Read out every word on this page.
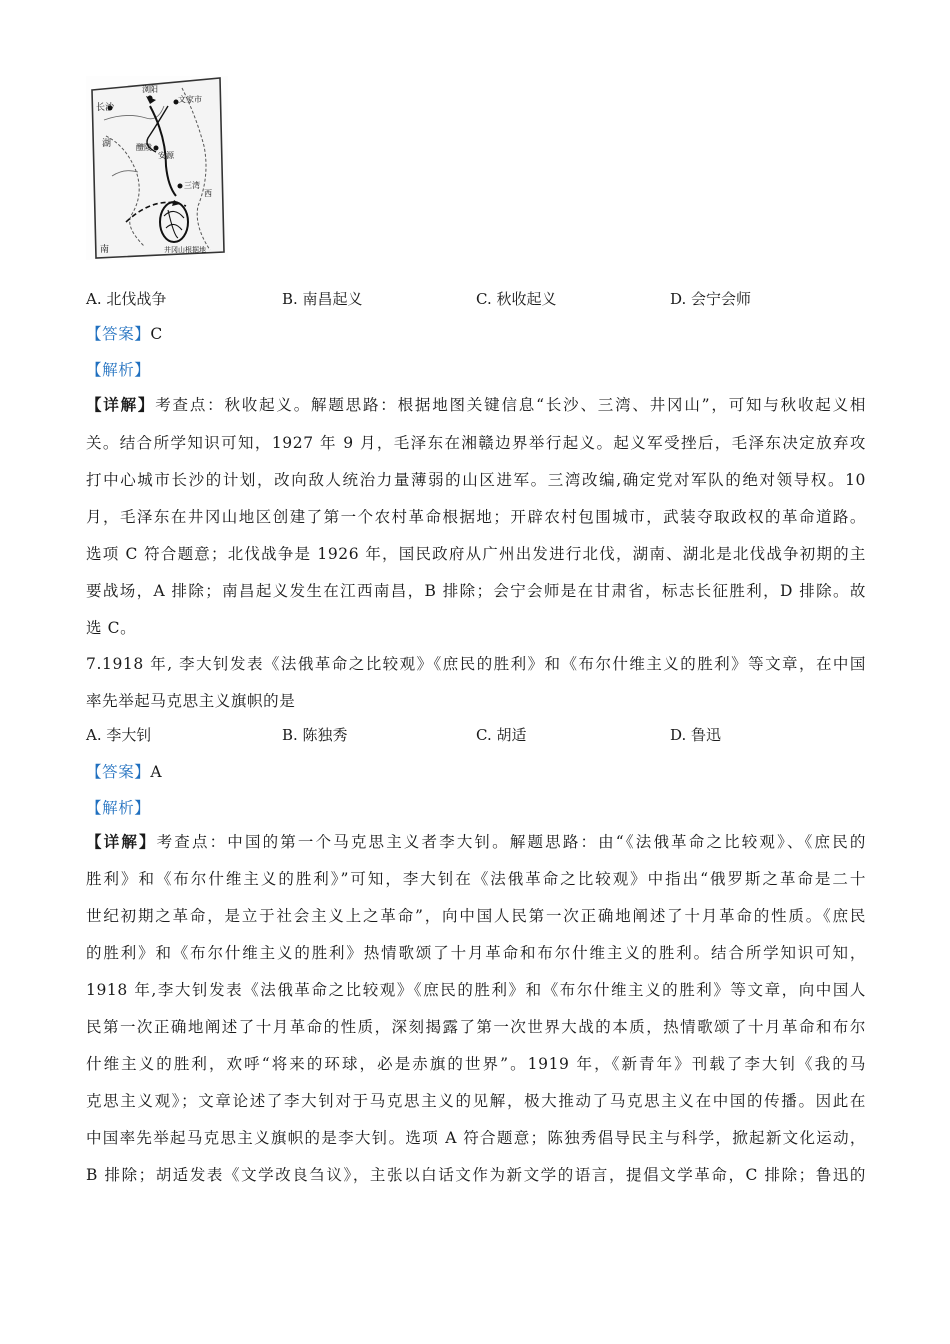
长沙
浏阳
文家市
醴陵
安源
三湾
湖
南
西
井冈山根据地
A. 北伐战争	B. 南昌起义	C. 秋收起义	D. 会宁会师
【答案】C
【解析】
【详解】考查点：秋收起义。解题思路：根据地图关键信息“长沙、三湾、井冈山”，可知与秋收起义相
关。结合所学知识可知，1927 年 9 月，毛泽东在湘赣边界举行起义。起义军受挫后，毛泽东决定放弃攻
打中心城市长沙的计划，改向敌人统治力量薄弱的山区进军。三湾改编,确定党对军队的绝对领导权。10
月，毛泽东在井冈山地区创建了第一个农村革命根据地；开辟农村包围城市，武装夺取政权的革命道路。
选项 C 符合题意；北伐战争是 1926 年，国民政府从广州出发进行北伐，湖南、湖北是北伐战争初期的主
要战场，A 排除；南昌起义发生在江西南昌，B 排除；会宁会师是在甘肃省，标志长征胜利，D 排除。故
选 C。
7.1918 年, 李大钊发表《法俄革命之比较观》《庶民的胜利》和《布尔什维主义的胜利》等文章，在中国
率先举起马克思主义旗帜的是
A. 李大钊	B. 陈独秀	C. 胡适	D. 鲁迅
【答案】A
【解析】
【详解】考查点：中国的第一个马克思主义者李大钊。解题思路：由“《法俄革命之比较观》、《庶民的
胜利》和《布尔什维主义的胜利》”可知，李大钊在《法俄革命之比较观》中指出“俄罗斯之革命是二十
世纪初期之革命，是立于社会主义上之革命”，向中国人民第一次正确地阐述了十月革命的性质。《庶民
的胜利》和《布尔什维主义的胜利》热情歌颂了十月革命和布尔什维主义的胜利。结合所学知识可知，
1918 年,李大钊发表《法俄革命之比较观》《庶民的胜利》和《布尔什维主义的胜利》等文章，向中国人
民第一次正确地阐述了十月革命的性质，深刻揭露了第一次世界大战的本质，热情歌颂了十月革命和布尔
什维主义的胜利，欢呼“将来的环球，必是赤旗的世界”。1919 年，《新青年》刊载了李大钊《我的马
克思主义观》；文章论述了李大钊对于马克思主义的见解，极大推动了马克思主义在中国的传播。因此在
中国率先举起马克思主义旗帜的是李大钊。选项 A 符合题意；陈独秀倡导民主与科学，掀起新文化运动，
B 排除；胡适发表《文学改良刍议》，主张以白话文作为新文学的语言，提倡文学革命，C 排除；鲁迅的
